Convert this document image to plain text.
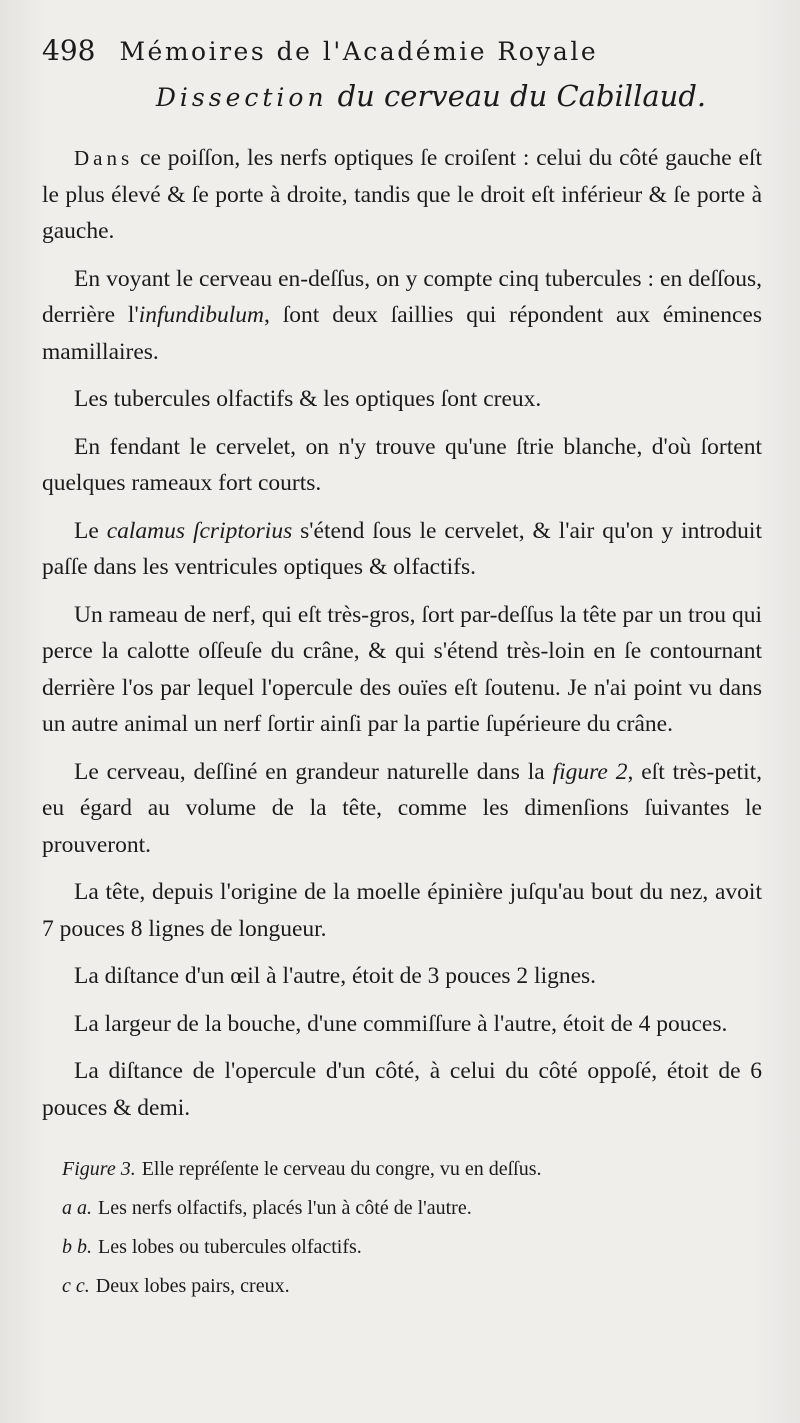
498 Mémoires de l'Académie Royale
Dissection du cerveau du Cabillaud.

Dans ce poiſſon, les nerfs optiques ſe croiſent : celui du côté gauche eſt le plus élevé & ſe porte à droite, tandis que le droit eſt inférieur & ſe porte à gauche.

En voyant le cerveau en-deſſus, on y compte cinq tubercules : en deſſous, derrière l'infundibulum, ſont deux ſaillies qui répondent aux éminences mamillaires.

Les tubercules olfactifs & les optiques ſont creux.

En fendant le cervelet, on n'y trouve qu'une ſtrie blanche, d'où ſortent quelques rameaux fort courts.

Le calamus ſcriptorius s'étend ſous le cervelet, & l'air qu'on y introduit paſſe dans les ventricules optiques & olfactifs.

Un rameau de nerf, qui eſt très-gros, ſort par-deſſus la tête par un trou qui perce la calotte oſſeuſe du crâne, & qui s'étend très-loin en ſe contournant derrière l'os par lequel l'opercule des ouïes eſt ſoutenu. Je n'ai point vu dans un autre animal un nerf ſortir ainſi par la partie ſupérieure du crâne.

Le cerveau, deſſiné en grandeur naturelle dans la figure 2, eſt très-petit, eu égard au volume de la tête, comme les dimenſions ſuivantes le prouveront.

La tête, depuis l'origine de la moelle épinière juſqu'au bout du nez, avoit 7 pouces 8 lignes de longueur.

La diſtance d'un œil à l'autre, étoit de 3 pouces 2 lignes.

La largeur de la bouche, d'une commiſſure à l'autre, étoit de 4 pouces.

La diſtance de l'opercule d'un côté, à celui du côté oppoſé, étoit de 6 pouces & demi.

Figure 3. Elle repréſente le cerveau du congre, vu en deſſus.

a a. Les nerfs olfactifs, placés l'un à côté de l'autre.

b b. Les lobes ou tubercules olfactifs.

c c. Deux lobes pairs, creux.
